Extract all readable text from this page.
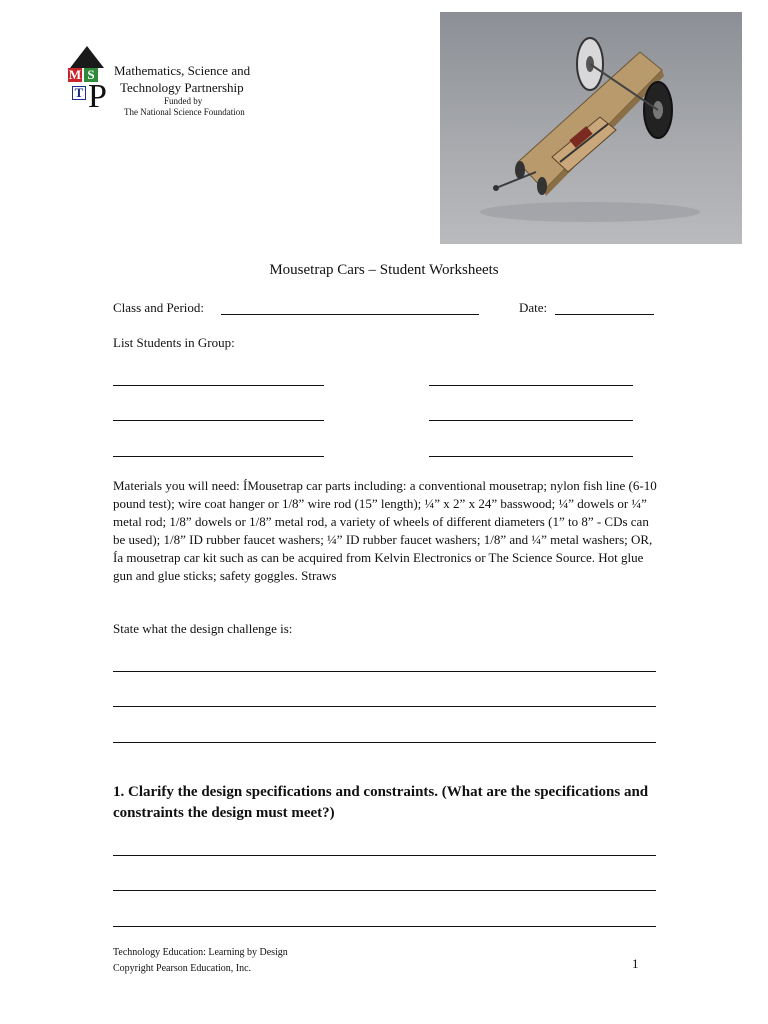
M S
T P
Mathematics, Science and
Technology Partnership
Funded by
The National Science Foundation
Mousetrap Cars – Student Worksheets
Class and Period:	Date:
List Students in Group:
Materials you will need: ÍMousetrap car parts including: a conventional mousetrap; nylon fish line (6-10 pound test); wire coat hanger or 1/8” wire rod (15” length); ¼” x 2” x 24” basswood; ¼” dowels or ¼” metal rod; 1/8” dowels or 1/8” metal rod, a variety of wheels of different diameters (1” to 8” - CDs can be used); 1/8” ID rubber faucet washers; ¼” ID rubber faucet washers; 1/8” and ¼” metal washers; OR, Ía mousetrap car kit such as can be acquired from Kelvin Electronics or The Science Source. Hot glue gun and glue sticks; safety goggles. Straws
State what the design challenge is:
1. Clarify the design specifications and constraints. (What are the specifications and constraints the design must meet?)
Technology Education: Learning by Design
Copyright Pearson Education, Inc.	1
